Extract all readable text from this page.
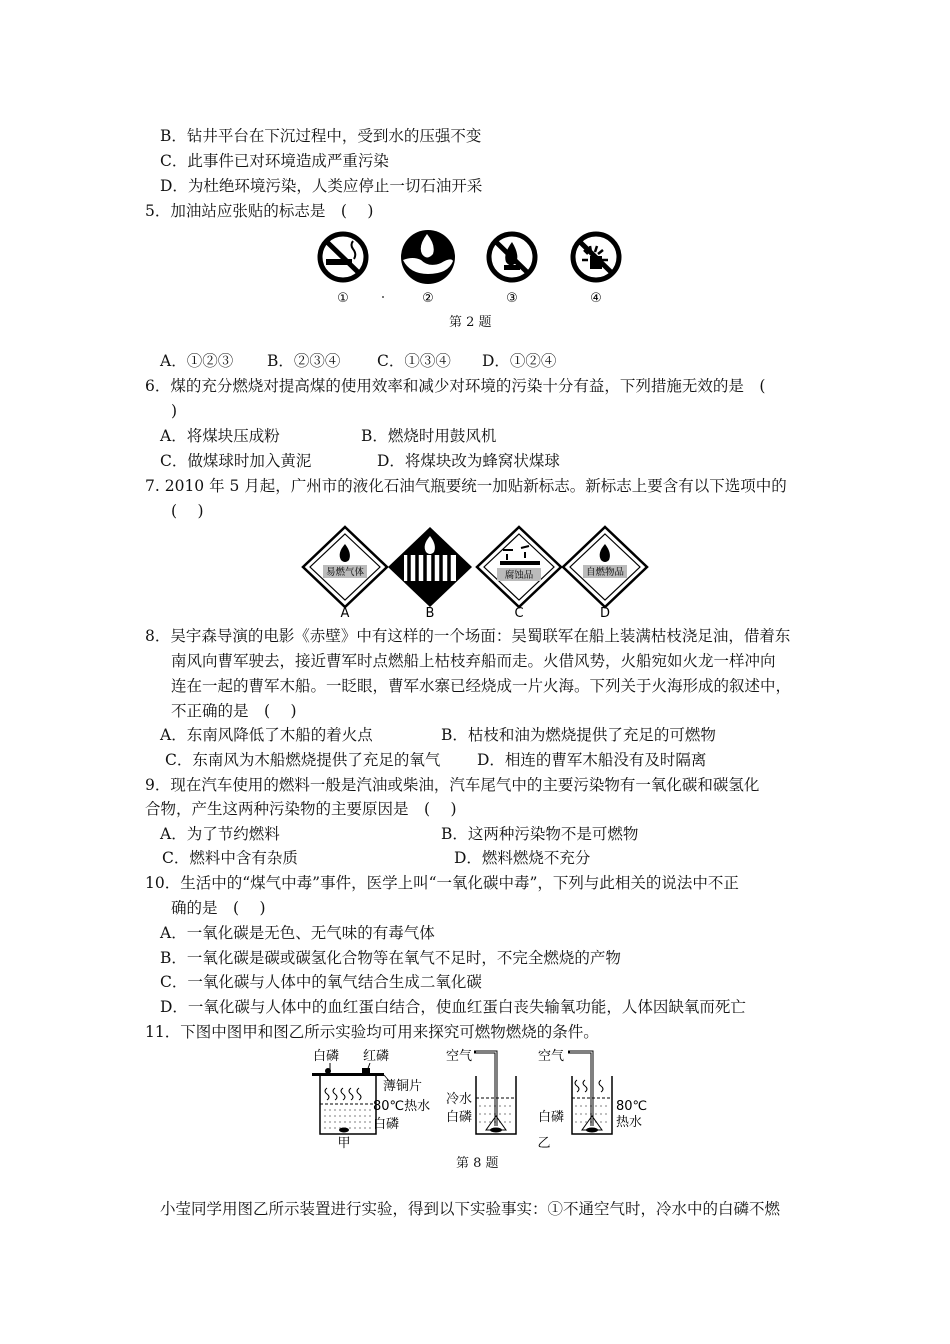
B．钻井平台在下沉过程中，受到水的压强不变
C．此事件已对环境造成严重污染
D．为杜绝环境污染，人类应停止一切石油开采
5．加油站应张贴的标志是　( 　)
①	②	③	④
第 2 题
A．①②③ B．②③④ C．①③④ D．①②④
6．煤的充分燃烧对提高煤的使用效率和减少对环境的污染十分有益，下列措施无效的是　(
)
A．将煤块压成粉	B．燃烧时用鼓风机
C．做煤球时加入黄泥	D．将煤块改为蜂窝状煤球
7. 2010 年 5 月起，广州市的液化石油气瓶要统一加贴新标志。新标志上要含有以下选项中的
(　 )
易燃气体
A	B
腐蚀品
C
自燃物品
D
8．吴宇森导演的电影《赤壁》中有这样的一个场面：吴蜀联军在船上装满枯枝浇足油，借着东
南风向曹军驶去，接近曹军时点燃船上枯枝弃船而走。火借风势，火船宛如火龙一样冲向
连在一起的曹军木船。一眨眼，曹军水寨已经烧成一片火海。下列关于火海形成的叙述中，
不正确的是　(　 )
A．东南风降低了木船的着火点	B．枯枝和油为燃烧提供了充足的可燃物
C．东南风为木船燃烧提供了充足的氧气 D．相连的曹军木船没有及时隔离
9．现在汽车使用的燃料一般是汽油或柴油，汽车尾气中的主要污染物有一氧化碳和碳氢化
合物，产生这两种污染物的主要原因是　(　 )
A．为了节约燃料	B．这两种污染物不是可燃物
C．燃料中含有杂质	D．燃料燃烧不充分
10．生活中的“煤气中毒”事件，医学上叫“一氧化碳中毒”，下列与此相关的说法中不正
确的是　(　 )
A．一氧化碳是无色、无气味的有毒气体
B．一氧化碳是碳或碳氢化合物等在氧气不足时，不完全燃烧的产物
C．一氧化碳与人体中的氧气结合生成二氧化碳
D．一氧化碳与人体中的血红蛋白结合，使血红蛋白丧失输氧功能，人体因缺氧而死亡
11．下图中图甲和图乙所示实验均可用来探究可燃物燃烧的条件。
白磷 红磷
薄铜片
80℃热水
白磷
甲
空气
冷水
白磷
空气
白磷
80℃
热水
乙
第 8 题
小莹同学用图乙所示装置进行实验，得到以下实验事实：①不通空气时，冷水中的白磷不燃
